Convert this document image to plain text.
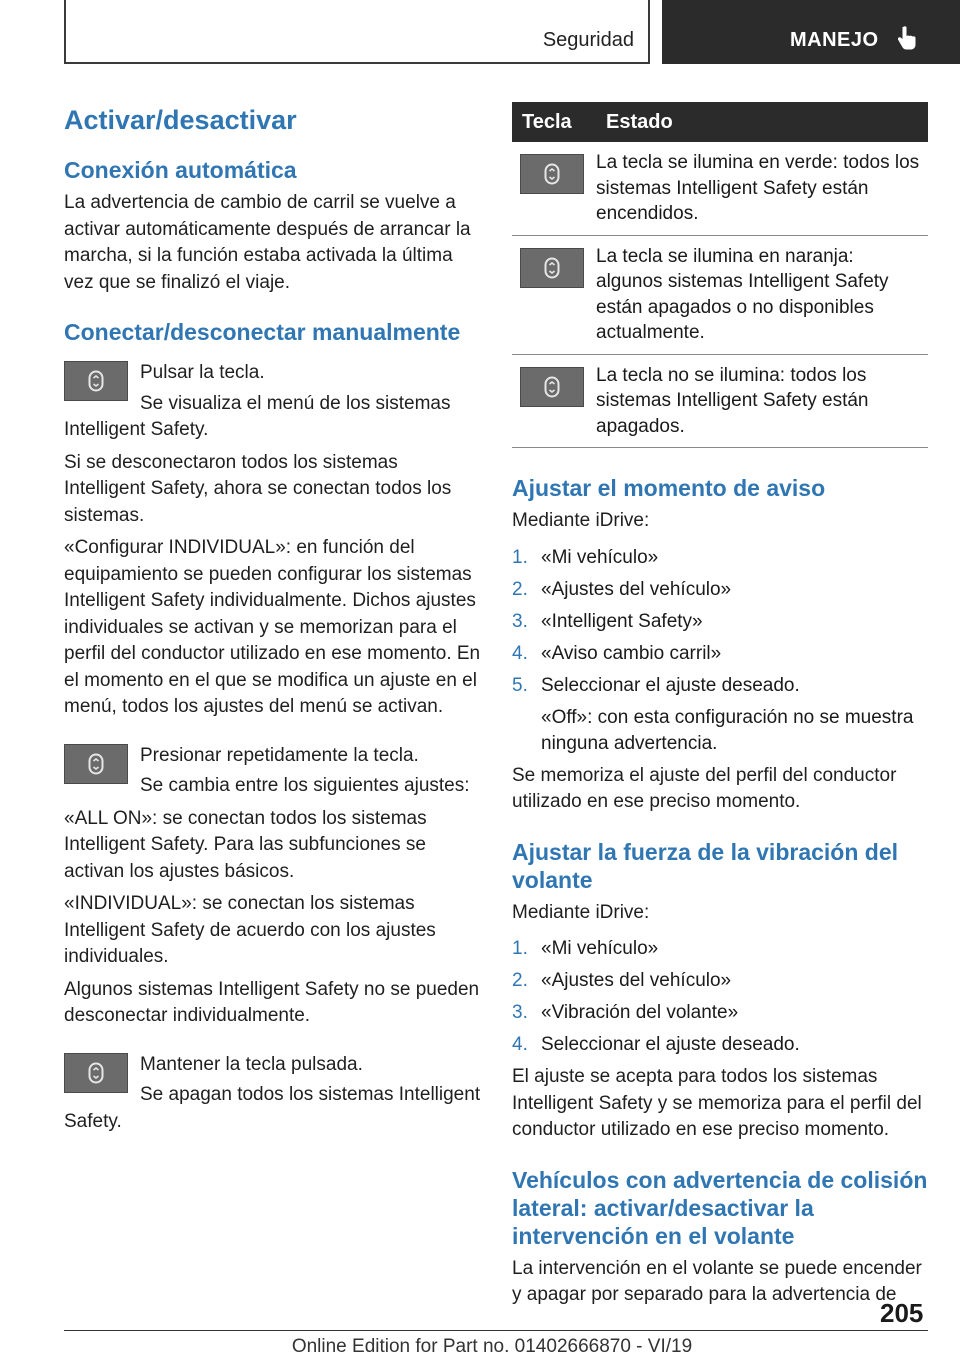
Seguridad	MANEJO
Activar/desactivar
Conexión automática
La advertencia de cambio de carril se vuelve a activar automáticamente después de arrancar la marcha, si la función estaba activada la última vez que se finalizó el viaje.
Conectar/desconectar manualmente
Pulsar la tecla.
Se visualiza el menú de los sistemas Intelligent Safety.
Si se desconectaron todos los sistemas Intelligent Safety, ahora se conectan todos los sistemas.
«Configurar INDIVIDUAL»: en función del equipamiento se pueden configurar los sistemas Intelligent Safety individualmente. Dichos ajustes individuales se activan y se memorizan para el perfil del conductor utilizado en ese momento. En el momento en el que se modifica un ajuste en el menú, todos los ajustes del menú se activan.
Presionar repetidamente la tecla.
Se cambia entre los siguientes ajustes:
«ALL ON»: se conectan todos los sistemas Intelligent Safety. Para las subfunciones se activan los ajustes básicos.
«INDIVIDUAL»: se conectan los sistemas Intelligent Safety de acuerdo con los ajustes individuales.
Algunos sistemas Intelligent Safety no se pueden desconectar individualmente.
Mantener la tecla pulsada.
Se apagan todos los sistemas Intelligent Safety.
Tecla	Estado

	La tecla se ilumina en verde: todos los sistemas Intelligent Safety están encendidos.

	La tecla se ilumina en naranja: algunos sistemas Intelligent Safety están apagados o no disponibles actualmente.

	La tecla no se ilumina: todos los sistemas Intelligent Safety están apagados.
Ajustar el momento de aviso
Mediante iDrive:
1. «Mi vehículo»
2. «Ajustes del vehículo»
3. «Intelligent Safety»
4. «Aviso cambio carril»
5. Seleccionar el ajuste deseado.
«Off»: con esta configuración no se muestra ninguna advertencia.
Se memoriza el ajuste del perfil del conductor utilizado en ese preciso momento.
Ajustar la fuerza de la vibración del volante
Mediante iDrive:
1. «Mi vehículo»
2. «Ajustes del vehículo»
3. «Vibración del volante»
4. Seleccionar el ajuste deseado.
El ajuste se acepta para todos los sistemas Intelligent Safety y se memoriza para el perfil del conductor utilizado en ese preciso momento.
Vehículos con advertencia de colisión lateral: activar/desactivar la intervención en el volante
La intervención en el volante se puede encender y apagar por separado para la advertencia de
205
Online Edition for Part no. 01402666870 - VI/19
